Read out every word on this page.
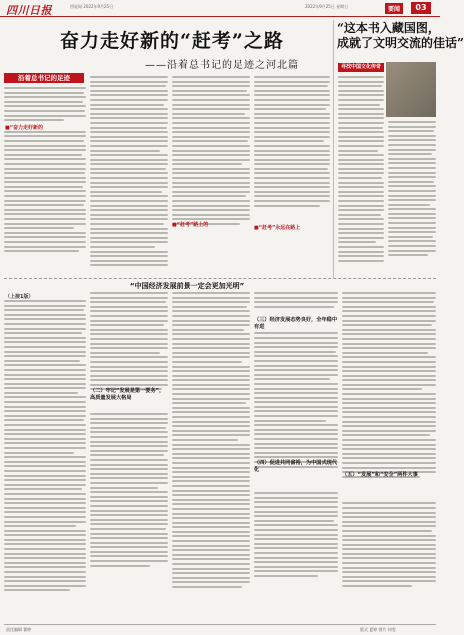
四川日报	图说网 2022年9月25日	2022年9月25日 星期日	要闻	03
奋力走好新的“赶考”之路
——沿着总书记的足迹之河北篇
沿着总书记的足迹
■“奋力走好新的
■“赶考”路上的	■“赶考”永远在路上
“这本书入藏国图，
成就了文明交流的佳话”
寻找中国文化传奇
“中国经济发展前景一定会更加光明”
（上接1版）
（二）牢记“发展是第一要务”，高质量发展大格局
（三）经济发展态势良好，全年稳中有进
（四）促进共同富裕，为中国式现代化
（五）“发展”和“安全”两件大事
责任编辑 翟婷	版式 夏婷 图片 何雯
